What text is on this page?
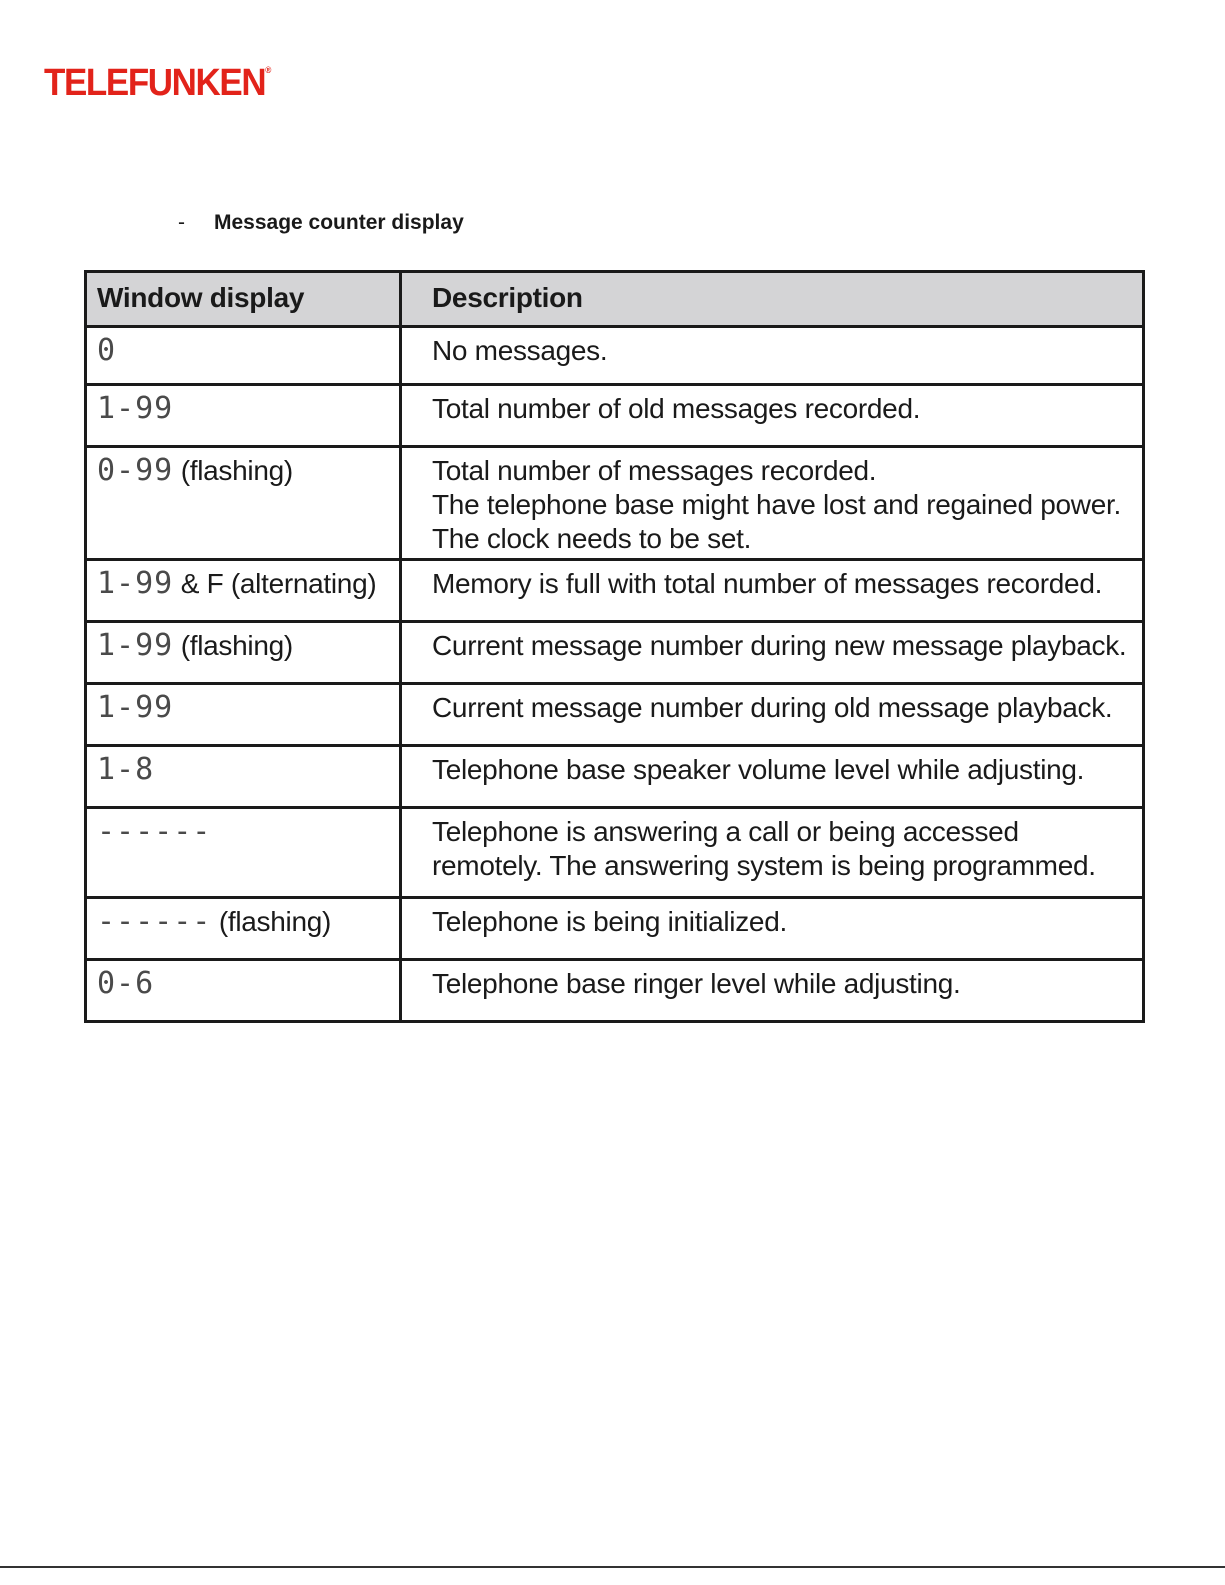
TELEFUNKEN®
- Message counter display
Window display	Description
0	No messages.

1-99	Total number of old messages recorded.

0-99 (flashing)	Total number of messages recorded.
The telephone base might have lost and regained power.
The clock needs to be set.

1-99 & F (alternating)	Memory is full with total number of messages recorded.

1-99 (flashing)	Current message number during new message playback.

1-99	Current message number during old message playback.

1-8	Telephone base speaker volume level while adjusting.

------	Telephone is answering a call or being accessed
remotely. The answering system is being programmed.

------ (flashing)	Telephone is being initialized.

0-6	Telephone base ringer level while adjusting.
